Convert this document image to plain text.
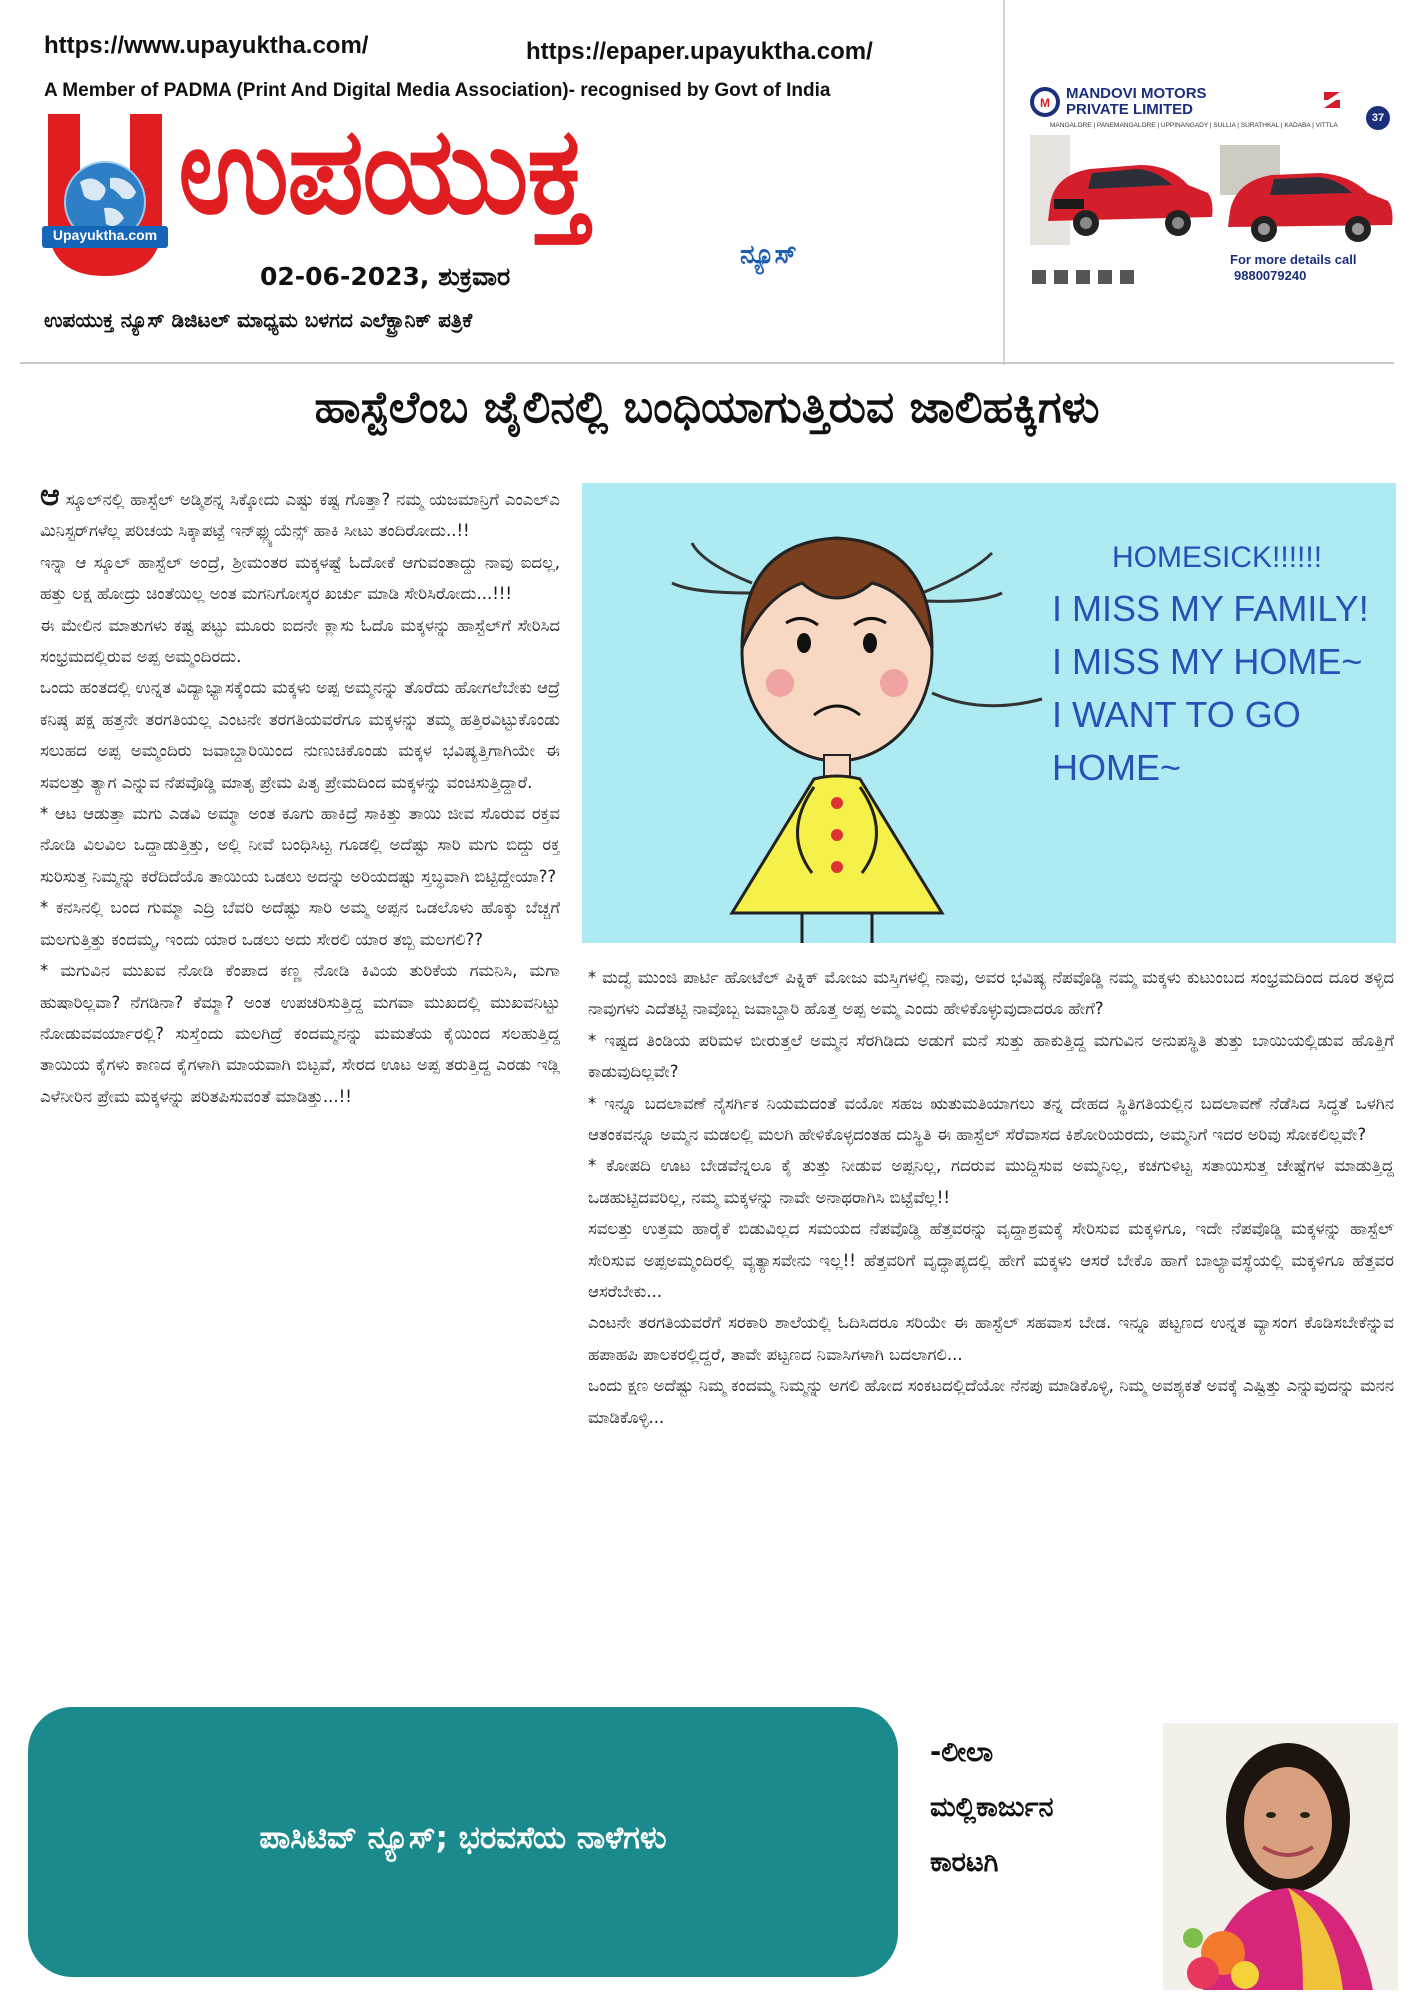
https://www.upayuktha.com/	https://epaper.upayuktha.com/
A Member of PADMA (Print And Digital Media Association)- recognised by Govt of India
Upayuktha.com ಉಪಯುಕ್ತ
ನ್ಯೂಸ್
02-06-2023, ಶುಕ್ರವಾರ
ಉಪಯುಕ್ತ ನ್ಯೂಸ್ ಡಿಜಿಟಲ್ ಮಾಧ್ಯಮ ಬಳಗದ ಎಲೆಕ್ಟ್ರಾನಿಕ್ ಪತ್ರಿಕೆ
M
MANDOVI MOTORS
PRIVATE LIMITED	37
MANGALORE | PANEMANGALORE | UPPINANGADY | SULLIA | SURATHKAL | KADABA | VITTLA
For more details call
9880079240
ಹಾಸ್ಟೆಲೆಂಬ ಜೈಲಿನಲ್ಲಿ ಬಂಧಿಯಾಗುತ್ತಿರುವ ಜಾಲಿಹಕ್ಕಿಗಳು

ಆ ಸ್ಕೂಲ್‌ನಲ್ಲಿ ಹಾಸ್ಟೆಲ್ ಅಡ್ಮಿಶನ್ನ ಸಿಕ್ಕೋದು ಎಷ್ಟು ಕಷ್ಟ ಗೊತ್ತಾ? ನಮ್ಮ ಯಜಮಾನ್ರಿಗೆ ಎಂಎಲ್‌ಎ ಮಿನಿಸ್ಟರ್‌ಗಳೆಲ್ಲ ಪರಿಚಯ ಸಿಕ್ಕಾಪಟ್ಟೆ ಇನ್‌ಫ್ಲ್ಯುಯೆನ್ಸ್ ಹಾಕಿ ಸೀಟು ತಂದಿರೋದು..!!

ಇನ್ನಾ ಆ ಸ್ಕೂಲ್ ಹಾಸ್ಟೆಲ್ ಅಂದ್ರೆ, ಶ್ರೀಮಂತರ ಮಕ್ಕಳಷ್ಟೆ ಓದೋಕೆ ಆಗುವಂತಾದ್ದು ನಾವು ಐದಲ್ಲ, ಹತ್ತು ಲಕ್ಷ ಹೋದ್ರು ಚಿಂತೆಯಿಲ್ಲ ಅಂತ ಮಗನಿಗೋಸ್ಕರ ಖರ್ಚು ಮಾಡಿ ಸೇರಿಸಿರೋದು...!!!

ಈ ಮೇಲಿನ ಮಾತುಗಳು ಕಷ್ಟ ಪಟ್ಟು ಮೂರು ಐದನೇ ಕ್ಲಾಸು ಓದೊ ಮಕ್ಕಳನ್ನು ಹಾಸ್ಟೆಲ್‌ಗೆ ಸೇರಿಸಿದ ಸಂಭ್ರಮದಲ್ಲಿರುವ ಅಪ್ಪ ಅಮ್ಮಂದಿರದು.

ಒಂದು ಹಂತದಲ್ಲಿ ಉನ್ನತ ವಿದ್ಯಾಭ್ಯಾಸಕ್ಕೆಂದು ಮಕ್ಕಳು ಅಪ್ಪ ಅಮ್ಮನನ್ನು ತೊರೆದು ಹೋಗಲೆಬೇಕು ಆದ್ರೆ ಕನಿಷ್ಠ ಪಕ್ಷ ಹತ್ತನೇ ತರಗತಿಯಲ್ಲ ಎಂಟನೇ ತರಗತಿಯವರೆಗೂ ಮಕ್ಕಳನ್ನು ತಮ್ಮ ಹತ್ತಿರವಿಟ್ಟುಕೊಂಡು ಸಲುಹದ ಅಪ್ಪ ಅಮ್ಮಂದಿರು ಜವಾಬ್ದಾರಿಯಿಂದ ನುಣುಚಿಕೊಂಡು ಮಕ್ಕಳ ಭವಿಷ್ಯತ್ತಿಗಾಗಿಯೇ ಈ ಸವಲತ್ತು ತ್ಯಾಗ ಎನ್ನುವ ನೆಪವೊಡ್ಡಿ ಮಾತೃ ಪ್ರೇಮ ಪಿತೃ ಪ್ರೇಮದಿಂದ ಮಕ್ಕಳನ್ನು ವಂಚಿಸುತ್ತಿದ್ದಾರೆ.

* ಆಟ ಆಡುತ್ತಾ ಮಗು ಎಡವಿ ಅಮ್ಮಾ ಅಂತ ಕೂಗು ಹಾಕಿದ್ರೆ ಸಾಕಿತ್ತು ತಾಯಿ ಜೀವ ಸೊರುವ ರಕ್ತವ ನೋಡಿ ವಿಲವಿಲ ಒದ್ದಾಡುತ್ತಿತ್ತು, ಅಲ್ಲಿ ನೀವೆ ಬಂಧಿಸಿಟ್ಟ ಗೂಡಲ್ಲಿ ಅದೆಷ್ಟು ಸಾರಿ ಮಗು ಬಿದ್ದು ರಕ್ತ ಸುರಿಸುತ್ತ ನಿಮ್ಮನ್ನು ಕರೆದಿದೆಯೊ ತಾಯಿಯ ಒಡಲು ಅದನ್ನು ಅರಿಯದಷ್ಟು ಸ್ತಬ್ಧವಾಗಿ ಬಿಟ್ಟಿದ್ದೇಯಾ??

* ಕನಸಿನಲ್ಲಿ ಬಂದ ಗುಮ್ಮಾ ಎದ್ರಿ ಬೆವರಿ ಅದೆಷ್ಟು ಸಾರಿ ಅಮ್ಮ ಅಪ್ಪನ ಒಡಲೊಳು ಹೊಕ್ಕು ಬೆಚ್ಚಗೆ ಮಲಗುತ್ತಿತ್ತು ಕಂದಮ್ಮ, ಇಂದು ಯಾರ ಒಡಲು ಅದು ಸೇರಲಿ ಯಾರ ತಬ್ಬಿ ಮಲಗಲಿ??

* ಮಗುವಿನ ಮುಖವ ನೋಡಿ ಕೆಂಪಾದ ಕಣ್ಣ ನೋಡಿ ಕಿವಿಯ ತುರಿಕೆಯ ಗಮನಿಸಿ, ಮಗಾ ಹುಷಾರಿಲ್ಲವಾ? ನೆಗಡಿನಾ? ಕೆಮ್ಮಾ? ಅಂತ ಉಪಚರಿಸುತ್ತಿದ್ದ ಮಗವಾ ಮುಖದಲ್ಲಿ ಮುಖವನಿಟ್ಟು ನೋಡುವವರ್ಯಾರಲ್ಲಿ? ಸುಸ್ತೆಂದು ಮಲಗಿದ್ರೆ ಕಂದಮ್ಮನನ್ನು ಮಮತೆಯ ಕೈಯಿಂದ ಸಲಹುತ್ತಿದ್ದ ತಾಯಿಯ ಕೈಗಳು ಕಾಣದ ಕೈಗಳಾಗಿ ಮಾಯವಾಗಿ ಬಿಟ್ಟವೆ, ಸೇರದ ಊಟ ಅಪ್ಪ ತರುತ್ತಿದ್ದ ಎರಡು ಇಡ್ಲಿ ಎಳೆನೀರಿನ ಪ್ರೇಮ ಮಕ್ಕಳನ್ನು ಪರಿತಪಿಸುವಂತೆ ಮಾಡಿತ್ತು...!!

HOMESICK!!!!!!
I MISS MY FAMILY!
I MISS MY HOME~
I WANT TO GO
HOME~

* ಮದ್ವೆ ಮುಂಜಿ ಪಾರ್ಟಿ ಹೋಟೆಲ್ ಪಿಕ್ನಿಕ್ ಮೋಜು ಮಸ್ತಿಗಳಲ್ಲಿ ನಾವು, ಅವರ ಭವಿಷ್ಯ ನೆಪವೊಡ್ಡಿ ನಮ್ಮ ಮಕ್ಕಳು ಕುಟುಂಬದ ಸಂಭ್ರಮದಿಂದ ದೂರ ತಳ್ಳಿದ ನಾವುಗಳು ಎದೆತಟ್ಟಿ ನಾವೊಬ್ಬ ಜವಾಬ್ದಾರಿ ಹೊತ್ತ ಅಪ್ಪ ಅಮ್ಮ ಎಂದು ಹೇಳಿಕೊಳ್ಳುವುದಾದರೂ ಹೇಗೆ?

* ಇಷ್ಟದ ತಿಂಡಿಯ ಪರಿಮಳ ಬೀರುತ್ತಲೆ ಅಮ್ಮನ ಸೆರಗಿಡಿದು ಅಡುಗೆ ಮನೆ ಸುತ್ತು ಹಾಕುತ್ತಿದ್ದ ಮಗುವಿನ ಅನುಪಸ್ಥಿತಿ ತುತ್ತು ಬಾಯಿಯಲ್ಲಿಡುವ ಹೊತ್ತಿಗೆ ಕಾಡುವುದಿಲ್ಲವೇ?

* ಇನ್ನೂ ಬದಲಾವಣೆ ನೈಸರ್ಗಿಕ ನಿಯಮದಂತೆ ವಯೋ ಸಹಜ ಋತುಮತಿಯಾಗಲು ತನ್ನ ದೇಹದ ಸ್ಥಿತಿಗತಿಯಲ್ಲಿನ ಬದಲಾವಣೆ ನೆಡೆಸಿದ ಸಿದ್ಧತೆ ಒಳಗಿನ ಆತಂಕವನ್ನೂ ಅಮ್ಮನ ಮಡಲಲ್ಲಿ ಮಲಗಿ ಹೇಳಿಕೊಳ್ಳದಂತಹ ದುಸ್ಥಿತಿ ಈ ಹಾಸ್ಟೆಲ್ ಸೆರೆವಾಸದ ಕಿಶೋರಿಯರದು, ಅಮ್ಮನಿಗೆ ಇದರ ಅರಿವು ಸೋಕಲಿಲ್ಲವೇ?

* ಕೋಪದಿ ಊಟ ಬೇಡವೆನ್ನಲೂ ಕೈ ತುತ್ತು ನೀಡುವ ಅಪ್ಪನಿಲ್ಲ, ಗದರುವ ಮುದ್ದಿಸುವ ಅಮ್ಮನಿಲ್ಲ, ಕಚಗುಳಿಟ್ಟ ಸತಾಯಿಸುತ್ತ ಚೇಷ್ಟೆಗಳ ಮಾಡುತ್ತಿದ್ದ ಒಡಹುಟ್ಟಿದವರಿಲ್ಲ, ನಮ್ಮ ಮಕ್ಕಳನ್ನು ನಾವೇ ಅನಾಥರಾಗಿಸಿ ಬಿಟ್ಟೆವೆಲ್ಲ!!

ಸವಲತ್ತು ಉತ್ತಮ ಹಾರೈಕೆ ಬಿಡುವಿಲ್ಲದ ಸಮಯದ ನೆಪವೊಡ್ಡಿ ಹೆತ್ತವರನ್ನು ವೃದ್ದಾಶ್ರಮಕ್ಕೆ ಸೇರಿಸುವ ಮಕ್ಕಳಿಗೂ, ಇದೇ ನೆಪವೊಡ್ಡಿ ಮಕ್ಕಳನ್ನು ಹಾಸ್ಟೆಲ್ ಸೇರಿಸುವ ಅಪ್ಪಅಮ್ಮಂದಿರಲ್ಲಿ ವ್ಯತ್ಯಾಸವೇನು ಇಲ್ಲ!! ಹೆತ್ತವರಿಗೆ ವೃದ್ಧಾಪ್ಯದಲ್ಲಿ ಹೇಗೆ ಮಕ್ಕಳು ಆಸರೆ ಬೇಕೊ ಹಾಗೆ ಬಾಲ್ಯಾವಸ್ಥೆಯಲ್ಲಿ ಮಕ್ಕಳಿಗೂ ಹೆತ್ತವರ ಆಸರೆಬೇಕು...

ಎಂಟನೇ ತರಗತಿಯವರೆಗೆ ಸರಕಾರಿ ಶಾಲೆಯಲ್ಲಿ ಓದಿಸಿದರೂ ಸರಿಯೇ ಈ ಹಾಸ್ಟೆಲ್ ಸಹವಾಸ ಬೇಡ. ಇನ್ನೂ ಪಟ್ಟಣದ ಉನ್ನತ ವ್ಯಾಸಂಗ ಕೊಡಿಸಬೇಕೆನ್ನುವ ಹಪಾಹಪಿ ಪಾಲಕರಲ್ಲಿದ್ದರೆ, ತಾವೇ ಪಟ್ಟಣದ ನಿವಾಸಿಗಳಾಗಿ ಬದಲಾಗಲಿ...

ಒಂದು ಕ್ಷಣ ಅದೆಷ್ಟು ನಿಮ್ಮ ಕಂದಮ್ಮ ನಿಮ್ಮನ್ನು ಅಗಲಿ ಹೋದ ಸಂಕಟದಲ್ಲಿದೆಯೋ ನೆನಪು ಮಾಡಿಕೊಳ್ಳಿ, ನಿಮ್ಮ ಅವಶ್ಯಕತೆ ಅವಕ್ಕೆ ಎಷ್ಟಿತ್ತು ಎನ್ನುವುದನ್ನು ಮನನ ಮಾಡಿಕೊಳ್ಳಿ...

ಪಾಸಿಟಿವ್ ನ್ಯೂಸ್; ಭರವಸೆಯ ನಾಳೆಗಳು
-ಲೀಲಾ
ಮಲ್ಲಿಕಾರ್ಜುನ
ಕಾರಟಗಿ
